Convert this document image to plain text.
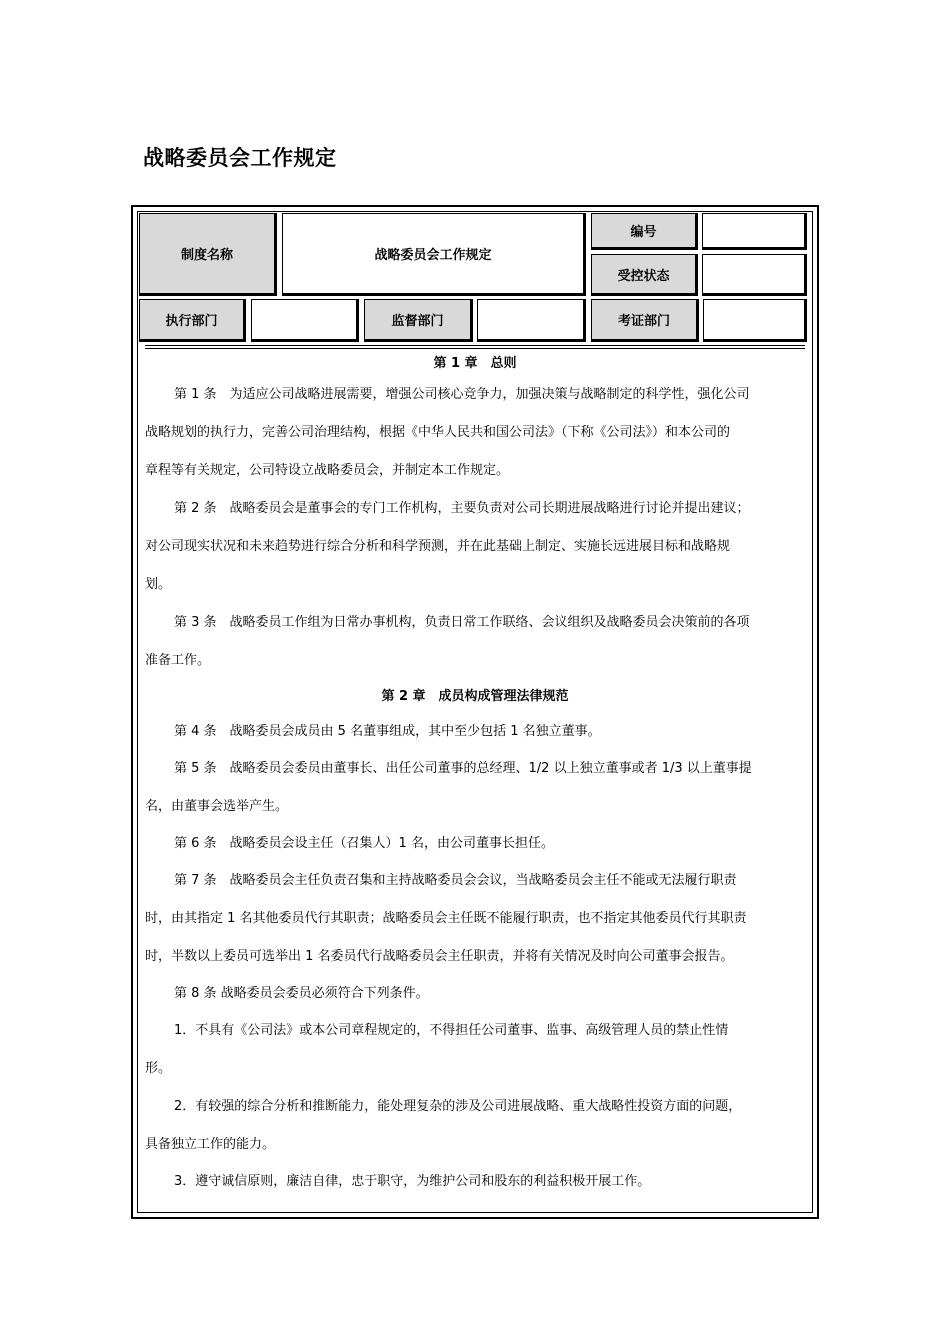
战略委员会工作规定
制度名称	战略委员会工作规定
编号
受控状态
执行部门	监督部门	考证部门
第 1 章　总则
第 1 条　为适应公司战略进展需要，增强公司核心竞争力，加强决策与战略制定的科学性，强化公司
战略规划的执行力，完善公司治理结构，根据《中华人民共和国公司法》（下称《公司法》）和本公司的
章程等有关规定，公司特设立战略委员会，并制定本工作规定。
第 2 条　战略委员会是董事会的专门工作机构，主要负责对公司长期进展战略进行讨论并提出建议；
对公司现实状况和未来趋势进行综合分析和科学预测，并在此基础上制定、实施长远进展目标和战略规
划。
第 3 条　战略委员工作组为日常办事机构，负责日常工作联络、会议组织及战略委员会决策前的各项
准备工作。
第 2 章　成员构成管理法律规范
第 4 条　战略委员会成员由 5 名董事组成，其中至少包括 1 名独立董事。
第 5 条　战略委员会委员由董事长、出任公司董事的总经理、1/2 以上独立董事或者 1/3 以上董事提
名，由董事会选举产生。
第 6 条　战略委员会设主任（召集人）1 名，由公司董事长担任。
第 7 条　战略委员会主任负责召集和主持战略委员会会议，当战略委员会主任不能或无法履行职责
时，由其指定 1 名其他委员代行其职责；战略委员会主任既不能履行职责，也不指定其他委员代行其职责
时，半数以上委员可选举出 1 名委员代行战略委员会主任职责，并将有关情况及时向公司董事会报告。
第 8 条 战略委员会委员必须符合下列条件。
1．不具有《公司法》或本公司章程规定的，不得担任公司董事、监事、高级管理人员的禁止性情
形。
2．有较强的综合分析和推断能力，能处理复杂的涉及公司进展战略、重大战略性投资方面的问题，
具备独立工作的能力。
3．遵守诚信原则，廉洁自律，忠于职守，为维护公司和股东的利益积极开展工作。
